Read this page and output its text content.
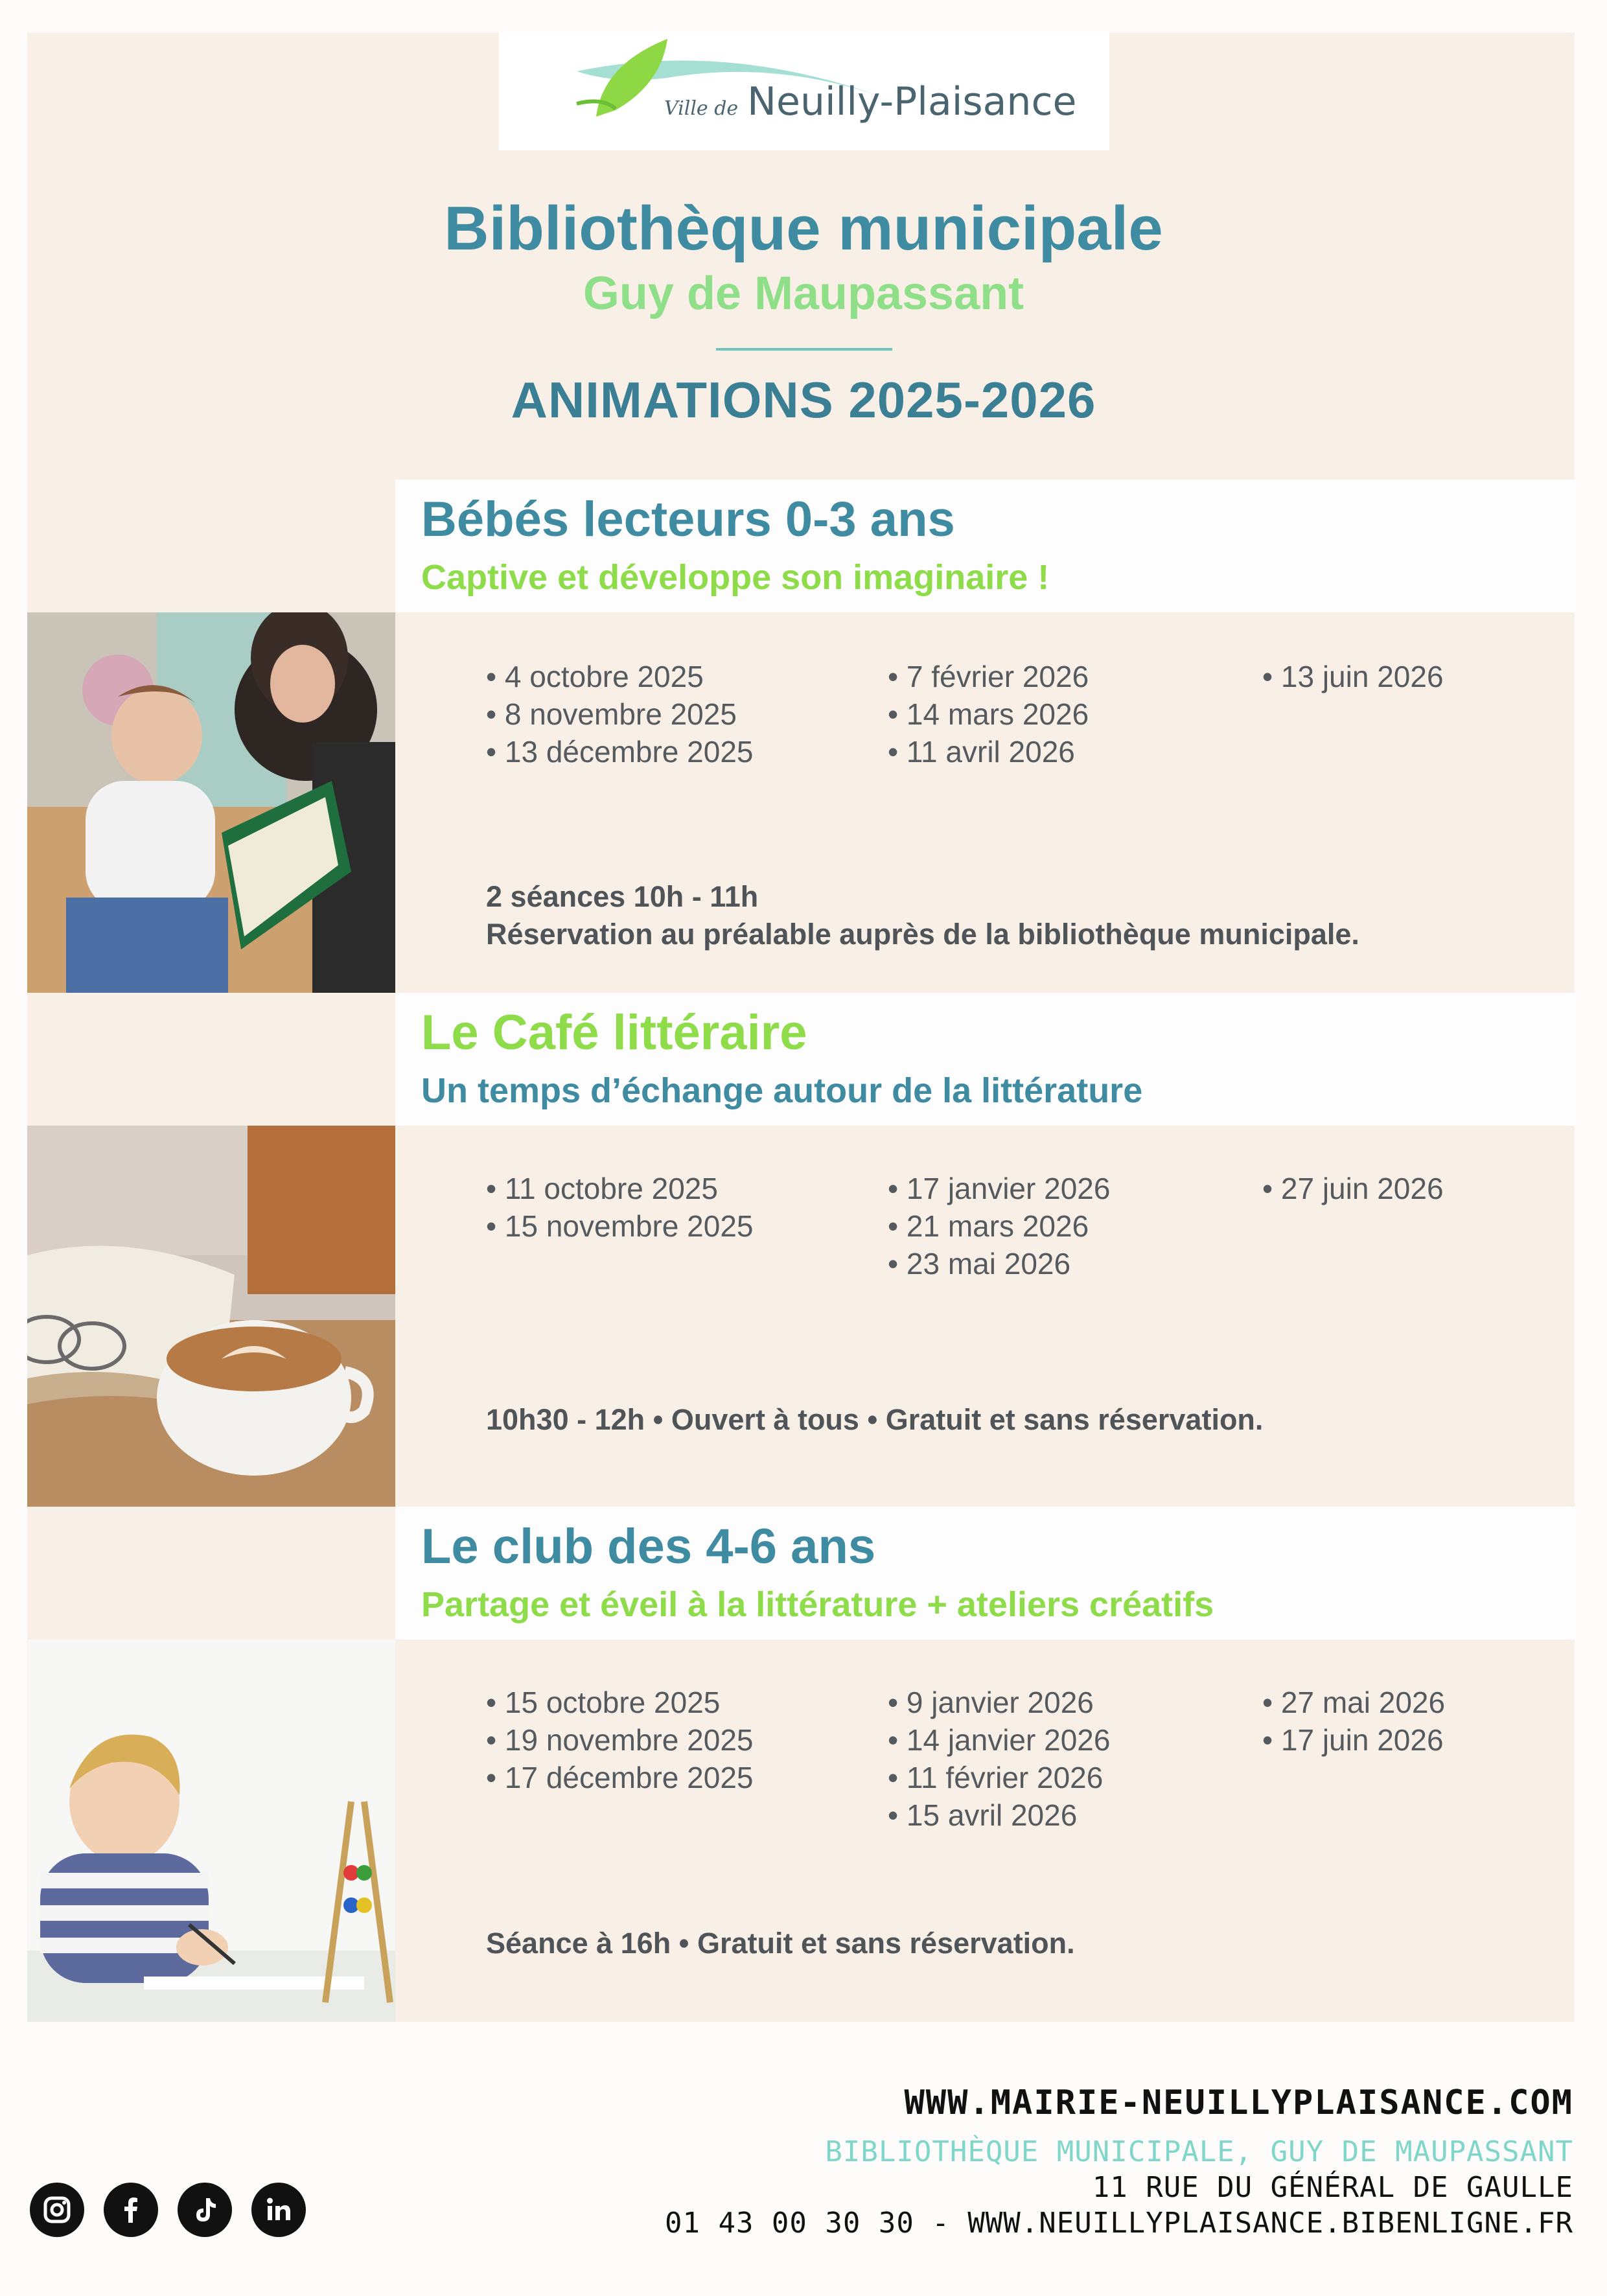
Ville de Neuilly-Plaisance
Bibliothèque municipale
Guy de Maupassant
ANIMATIONS 2025-2026
Bébés lecteurs 0-3 ans
Captive et développe son imaginaire !
• 4 octobre 2025
• 8 novembre 2025
• 13 décembre 2025
• 7 février 2026
• 14 mars 2026
• 11 avril 2026
• 13 juin 2026
2 séances 10h - 11h
Réservation au préalable auprès de la bibliothèque municipale.
Le Café littéraire
Un temps d’échange autour de la littérature
• 11 octobre 2025
• 15 novembre 2025
• 17 janvier 2026
• 21 mars 2026
• 23 mai 2026
• 27 juin 2026
10h30 - 12h • Ouvert à tous • Gratuit et sans réservation.
Le club des 4-6 ans
Partage et éveil à la littérature + ateliers créatifs
• 15 octobre 2025
• 19 novembre 2025
• 17 décembre 2025
• 9 janvier 2026
• 14 janvier 2026
• 11 février 2026
• 15 avril 2026
• 27 mai 2026
• 17 juin 2026
Séance à 16h • Gratuit et sans réservation.
WWW.MAIRIE-NEUILLYPLAISANCE.COM
BIBLIOTHÈQUE MUNICIPALE, GUY DE MAUPASSANT
11 RUE DU GÉNÉRAL DE GAULLE
01 43 00 30 30 - WWW.NEUILLYPLAISANCE.BIBENLIGNE.FR
